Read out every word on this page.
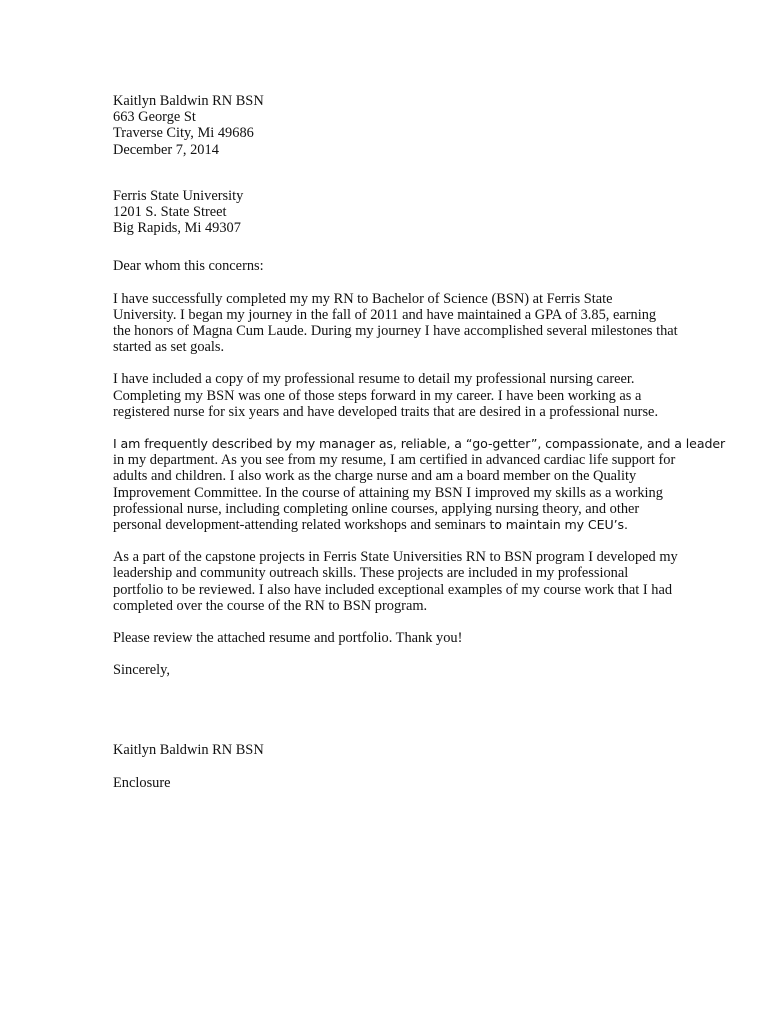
Kaitlyn Baldwin RN BSN
663 George St
Traverse City, Mi 49686
December 7, 2014
Ferris State University
1201 S. State Street
Big Rapids, Mi 49307
Dear whom this concerns:
I have successfully completed my my RN to Bachelor of Science (BSN) at Ferris State
University. I began my journey in the fall of 2011 and have maintained a GPA of 3.85, earning
the honors of Magna Cum Laude. During my journey I have accomplished several milestones that
started as set goals.
I have included a copy of my professional resume to detail my professional nursing career.
Completing my BSN was one of those steps forward in my career. I have been working as a
registered nurse for six years and have developed traits that are desired in a professional nurse.
I am frequently described by my manager as, reliable, a “go-getter”, compassionate, and a leader
in my department. As you see from my resume, I am certified in advanced cardiac life support for
adults and children. I also work as the charge nurse and am a board member on the Quality
Improvement Committee. In the course of attaining my BSN I improved my skills as a working
professional nurse, including completing online courses, applying nursing theory, and other
personal development-attending related workshops and seminars to maintain my CEU’s.
As a part of the capstone projects in Ferris State Universities RN to BSN program I developed my
leadership and community outreach skills. These projects are included in my professional
portfolio to be reviewed. I also have included exceptional examples of my course work that I had
completed over the course of the RN to BSN program.
Please review the attached resume and portfolio. Thank you!
Sincerely,
Kaitlyn Baldwin RN BSN
Enclosure
